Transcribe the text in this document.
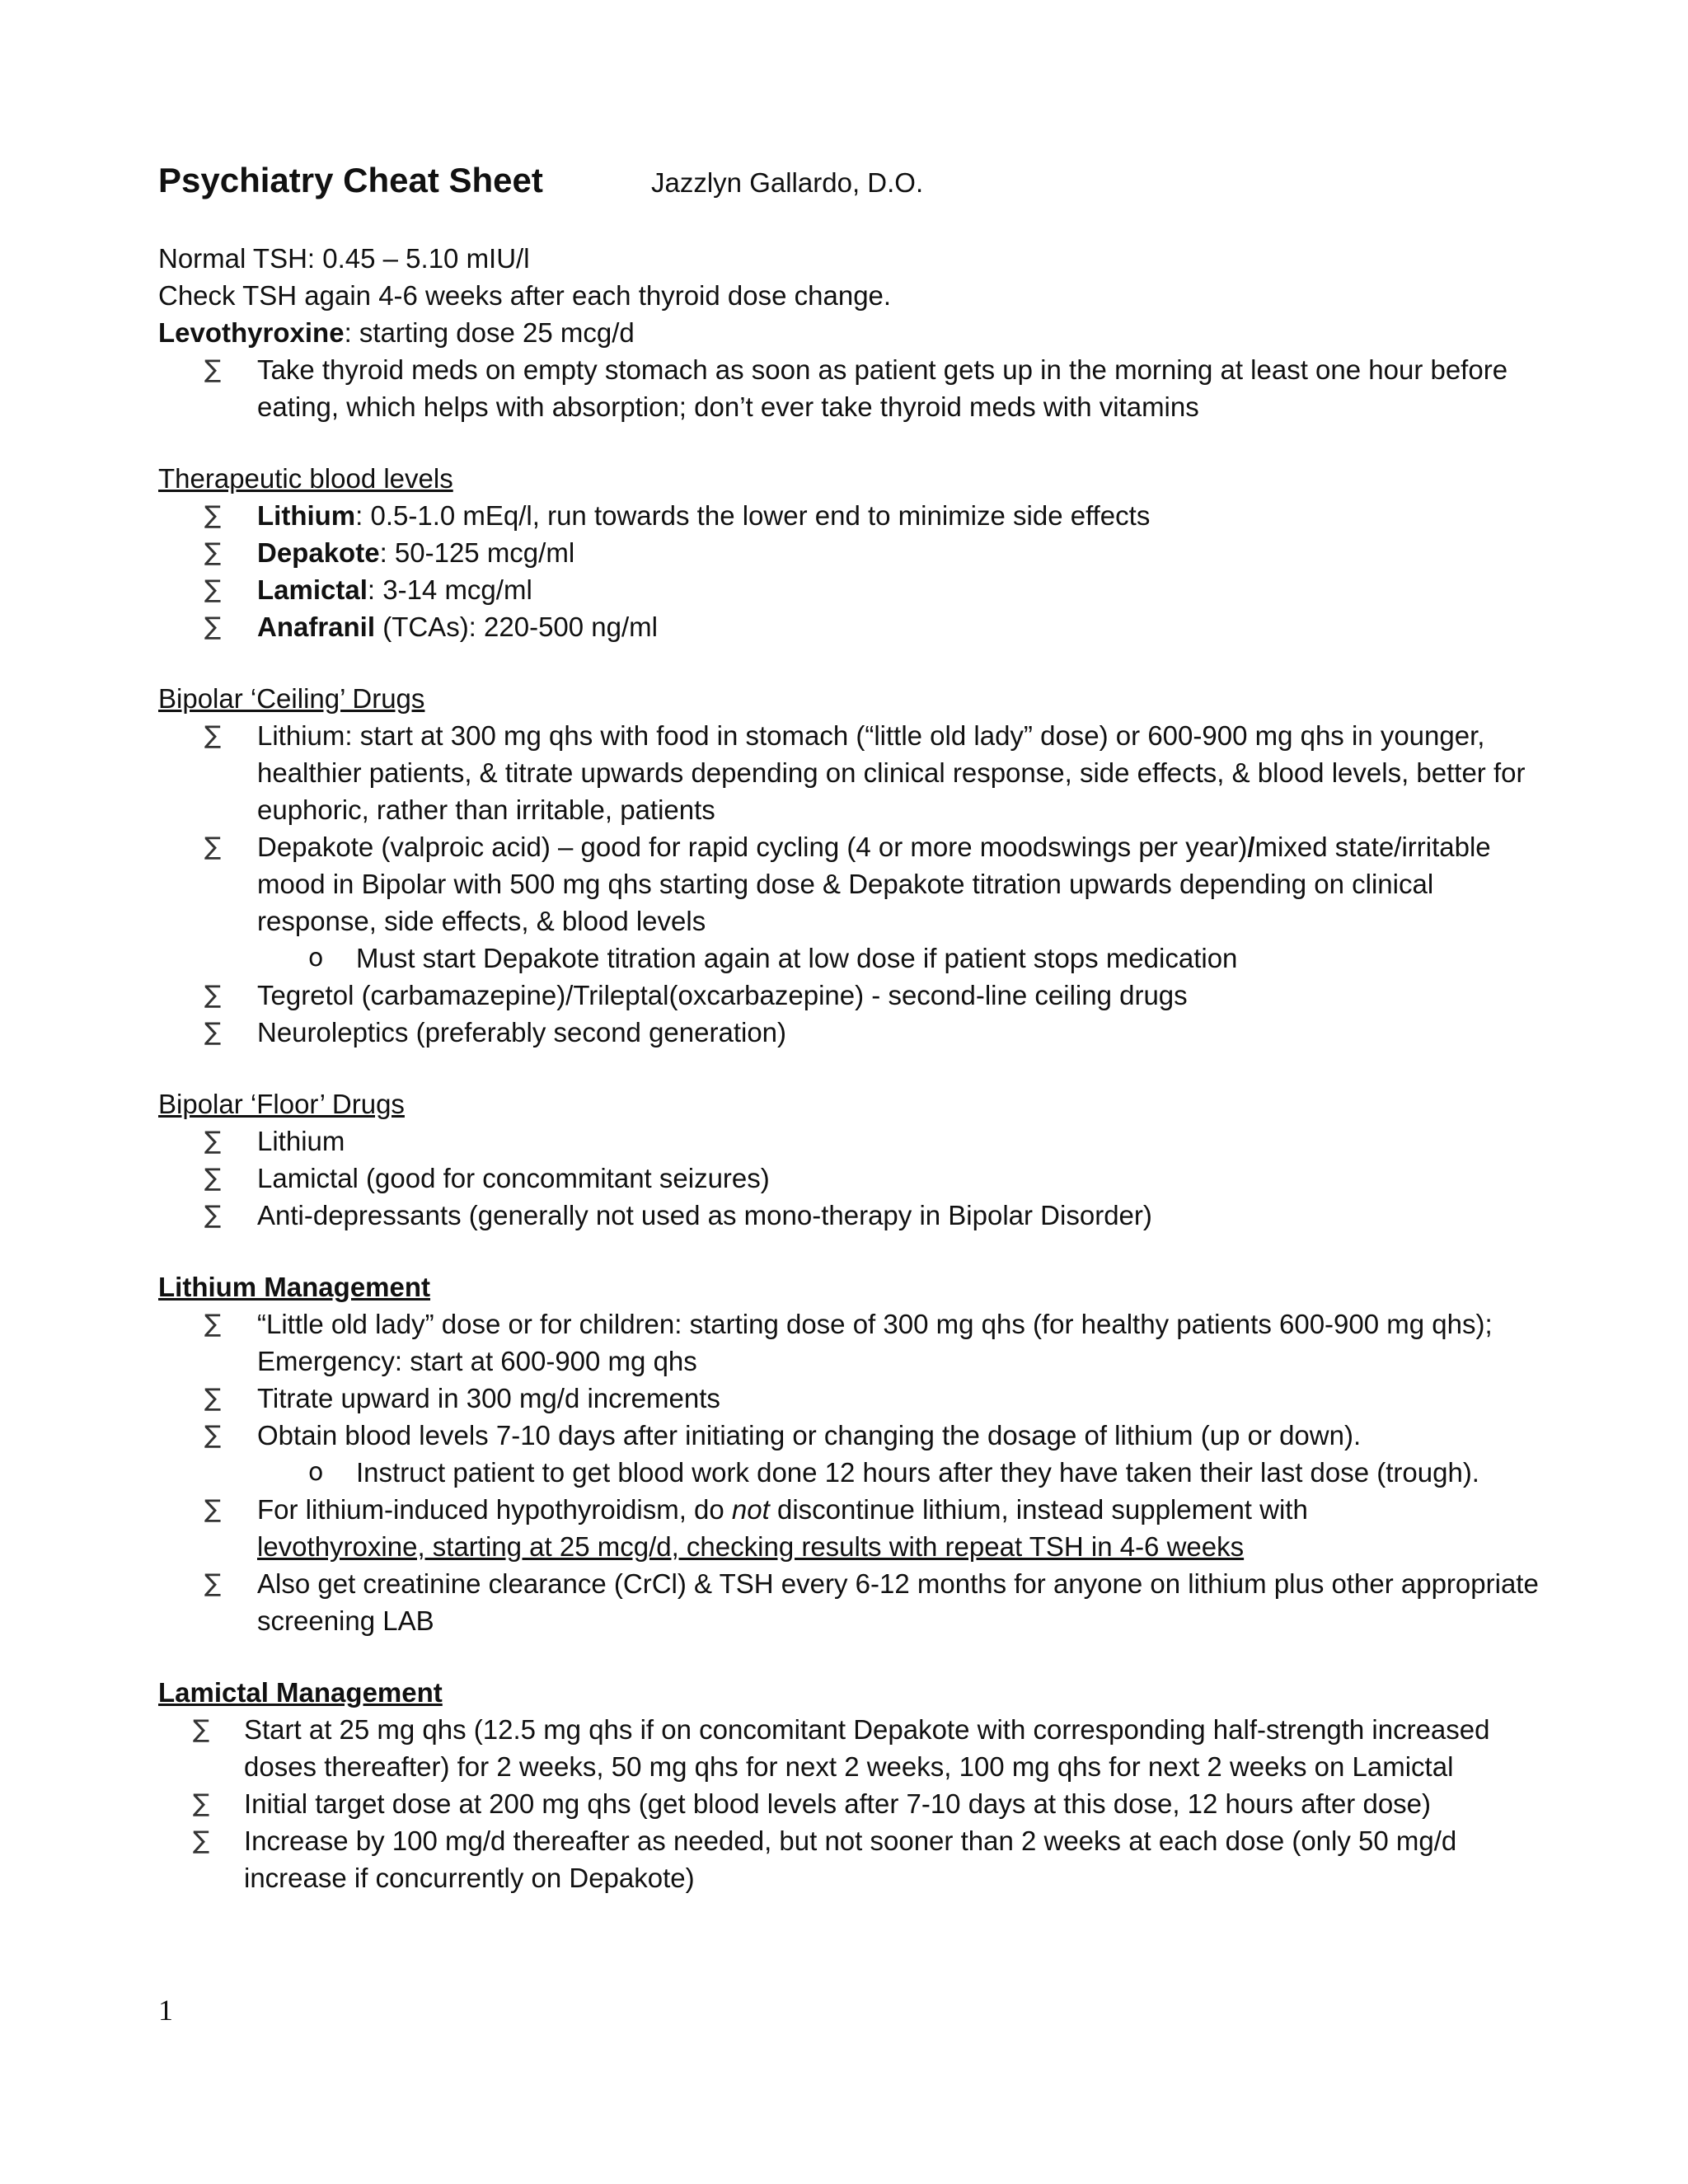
Psychiatry Cheat Sheet	Jazzlyn Gallardo, D.O.

Normal TSH: 0.45 – 5.10 mIU/l

Check TSH again 4-6 weeks after each thyroid dose change.

Levothyroxine: starting dose 25 mcg/d

∑ Take thyroid meds on empty stomach as soon as patient gets up in the morning at least one hour before eating, which helps with absorption; don’t ever take thyroid meds with vitamins
Therapeutic blood levels
∑ Lithium: 0.5-1.0 mEq/l, run towards the lower end to minimize side effects
∑ Depakote: 50-125 mcg/ml
∑ Lamictal: 3-14 mcg/ml
∑ Anafranil (TCAs): 220-500 ng/ml
Bipolar ‘Ceiling’ Drugs
∑ Lithium: start at 300 mg qhs with food in stomach (“little old lady” dose) or 600-900 mg qhs in younger, healthier patients, & titrate upwards depending on clinical response, side effects, & blood levels, better for euphoric, rather than irritable, patients
∑ Depakote (valproic acid) – good for rapid cycling (4 or more moodswings per year)/mixed state/irritable mood in Bipolar with 500 mg qhs starting dose & Depakote titration upwards depending on clinical response, side effects, & blood levels
o Must start Depakote titration again at low dose if patient stops medication
∑ Tegretol (carbamazepine)/Trileptal(oxcarbazepine) - second-line ceiling drugs
∑ Neuroleptics (preferably second generation)
Bipolar ‘Floor’ Drugs
∑ Lithium
∑ Lamictal (good for concommitant seizures)
∑ Anti-depressants (generally not used as mono-therapy in Bipolar Disorder)
Lithium Management
∑ “Little old lady” dose or for children: starting dose of 300 mg qhs (for healthy patients 600-900 mg qhs); Emergency: start at 600-900 mg qhs
∑ Titrate upward in 300 mg/d increments
∑ Obtain blood levels 7-10 days after initiating or changing the dosage of lithium (up or down).
o Instruct patient to get blood work done 12 hours after they have taken their last dose (trough).
∑ For lithium-induced hypothyroidism, do not discontinue lithium, instead supplement with
levothyroxine, starting at 25 mcg/d, checking results with repeat TSH in 4-6 weeks
∑ Also get creatinine clearance (CrCl) & TSH every 6-12 months for anyone on lithium plus other appropriate screening LAB
Lamictal Management
∑ Start at 25 mg qhs (12.5 mg qhs if on concomitant Depakote with corresponding half-strength increased doses thereafter) for 2 weeks, 50 mg qhs for next 2 weeks, 100 mg qhs for next 2 weeks on Lamictal
∑ Initial target dose at 200 mg qhs (get blood levels after 7-10 days at this dose, 12 hours after dose)
∑ Increase by 100 mg/d thereafter as needed, but not sooner than 2 weeks at each dose (only 50 mg/d increase if concurrently on Depakote)
1
